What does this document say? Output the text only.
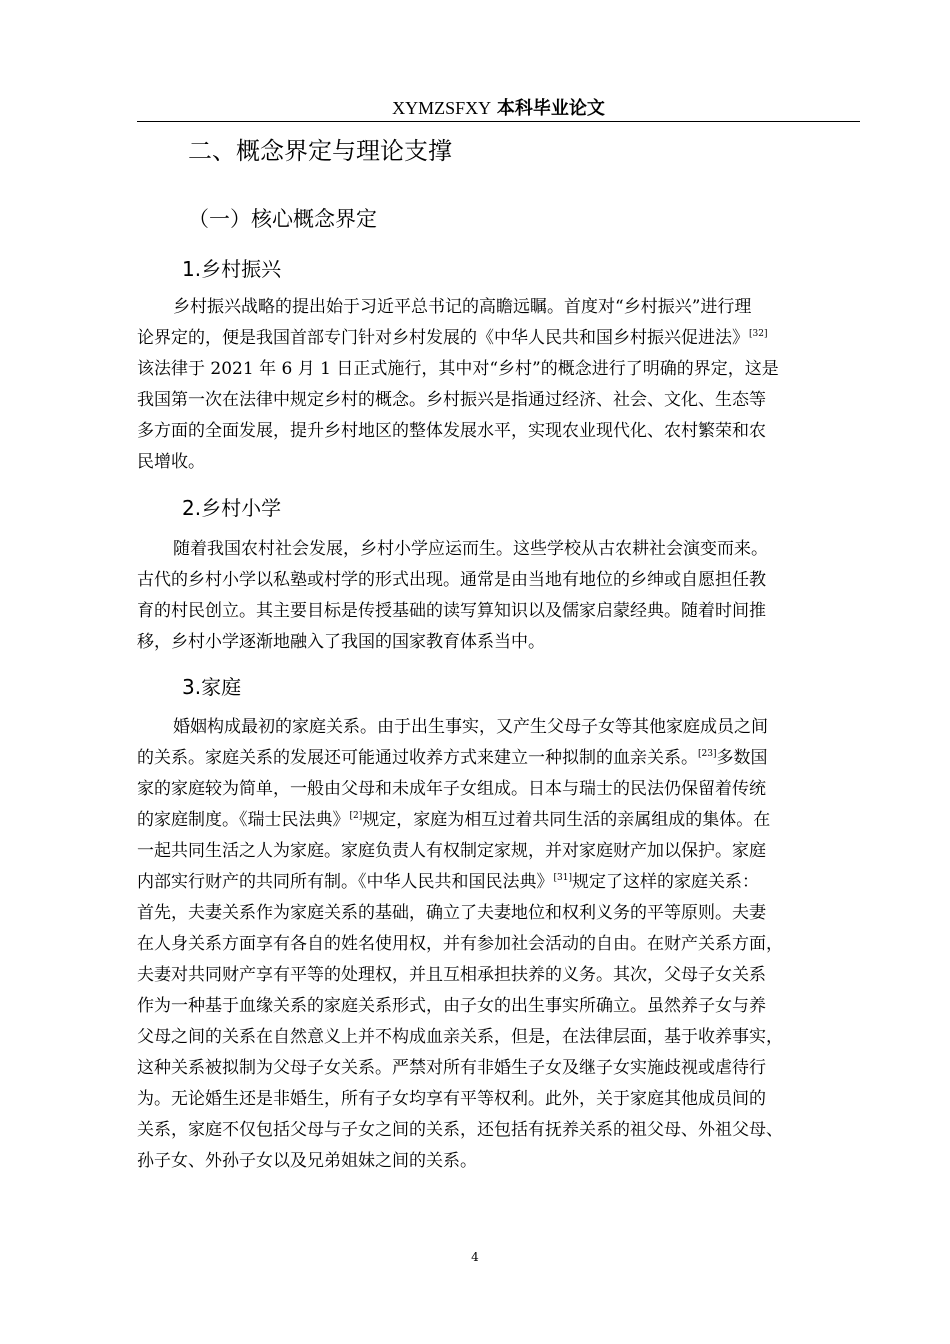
XYMZSFXY 本科毕业论文
二、概念界定与理论支撑
（一）核心概念界定
1.乡村振兴
乡村振兴战略的提出始于习近平总书记的高瞻远瞩。首度对“乡村振兴”进行理
论界定的，便是我国首部专门针对乡村发展的《中华人民共和国乡村振兴促进法》[32]
该法律于 2021 年 6 月 1 日正式施行，其中对“乡村”的概念进行了明确的界定，这是
我国第一次在法律中规定乡村的概念。乡村振兴是指通过经济、社会、文化、生态等
多方面的全面发展，提升乡村地区的整体发展水平，实现农业现代化、农村繁荣和农
民增收。
2.乡村小学
随着我国农村社会发展，乡村小学应运而生。这些学校从古农耕社会演变而来。
古代的乡村小学以私塾或村学的形式出现。通常是由当地有地位的乡绅或自愿担任教
育的村民创立。其主要目标是传授基础的读写算知识以及儒家启蒙经典。随着时间推
移，乡村小学逐渐地融入了我国的国家教育体系当中。
3.家庭
婚姻构成最初的家庭关系。由于出生事实，又产生父母子女等其他家庭成员之间
的关系。家庭关系的发展还可能通过收养方式来建立一种拟制的血亲关系。[23]多数国
家的家庭较为简单，一般由父母和未成年子女组成。日本与瑞士的民法仍保留着传统
的家庭制度。《瑞士民法典》[2]规定，家庭为相互过着共同生活的亲属组成的集体。在
一起共同生活之人为家庭。家庭负责人有权制定家规，并对家庭财产加以保护。家庭
内部实行财产的共同所有制。《中华人民共和国民法典》[31]规定了这样的家庭关系：
首先，夫妻关系作为家庭关系的基础，确立了夫妻地位和权利义务的平等原则。夫妻
在人身关系方面享有各自的姓名使用权，并有参加社会活动的自由。在财产关系方面，
夫妻对共同财产享有平等的处理权，并且互相承担扶养的义务。其次，父母子女关系
作为一种基于血缘关系的家庭关系形式，由子女的出生事实所确立。虽然养子女与养
父母之间的关系在自然意义上并不构成血亲关系，但是，在法律层面，基于收养事实，
这种关系被拟制为父母子女关系。严禁对所有非婚生子女及继子女实施歧视或虐待行
为。无论婚生还是非婚生，所有子女均享有平等权利。此外，关于家庭其他成员间的
关系，家庭不仅包括父母与子女之间的关系，还包括有抚养关系的祖父母、外祖父母、
孙子女、外孙子女以及兄弟姐妹之间的关系。
4
